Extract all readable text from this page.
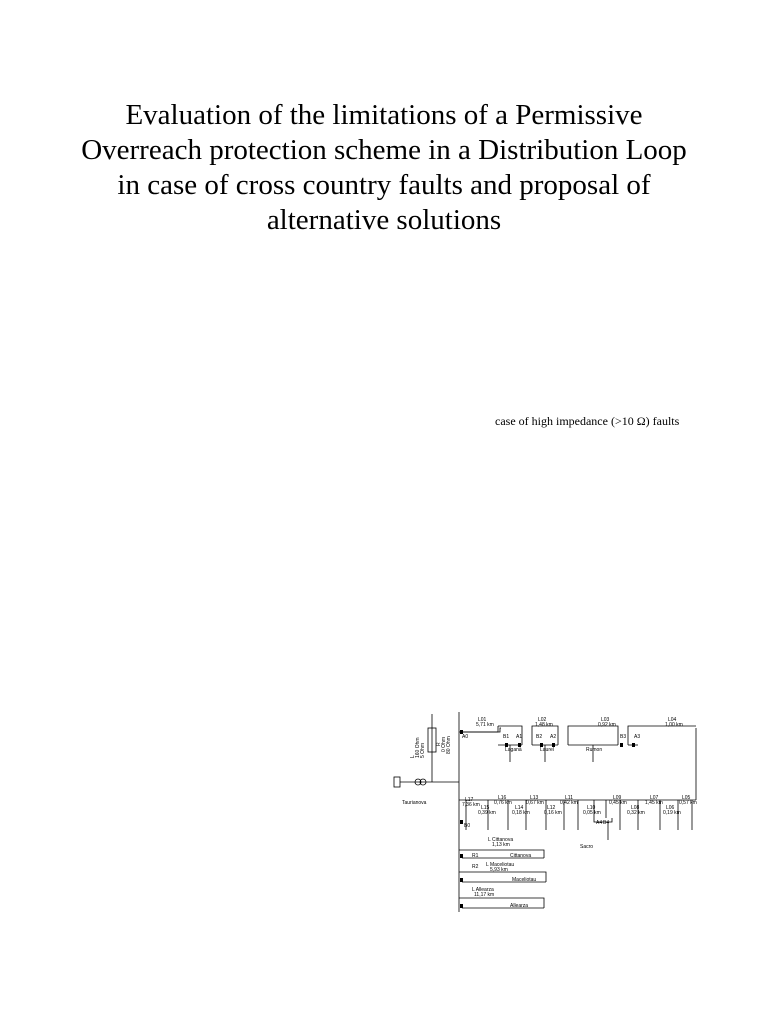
Evaluation of the limitations of a Permissive
Overreach protection scheme in a Distribution Loop
in case of cross country faults and proposal of
alternative solutions
case of high impedance (>10 Ω) faults
L 160 Ohm 5 Ohm R 0 Ohm 80 Ohm
Taurianova
L01
5,71 km
L02
1,48 km
L03
0,92 km
L04
1,00 km
A0	B1 A1	B2 A2	B3 A3
Laganà	Laurel	Rumon
L17
7,36 km
L16
0,76 km
L15
0,39 km
L14
0,18 km
L13
0,67 km
L12
0,16 km
L11
0,42 km
L10
0,05 km
L09
0,45 km
L08
0,32 km
L07
1,45 km
L06
0,19 km
L05
0,57 km
B0	A4 B4
Sacro
L Cittanova
1,13 km
R1	Cittanova
L Maceliotau
5,93 km
R2
Maceliotau
L Allearza
11,17 km
Allearza
